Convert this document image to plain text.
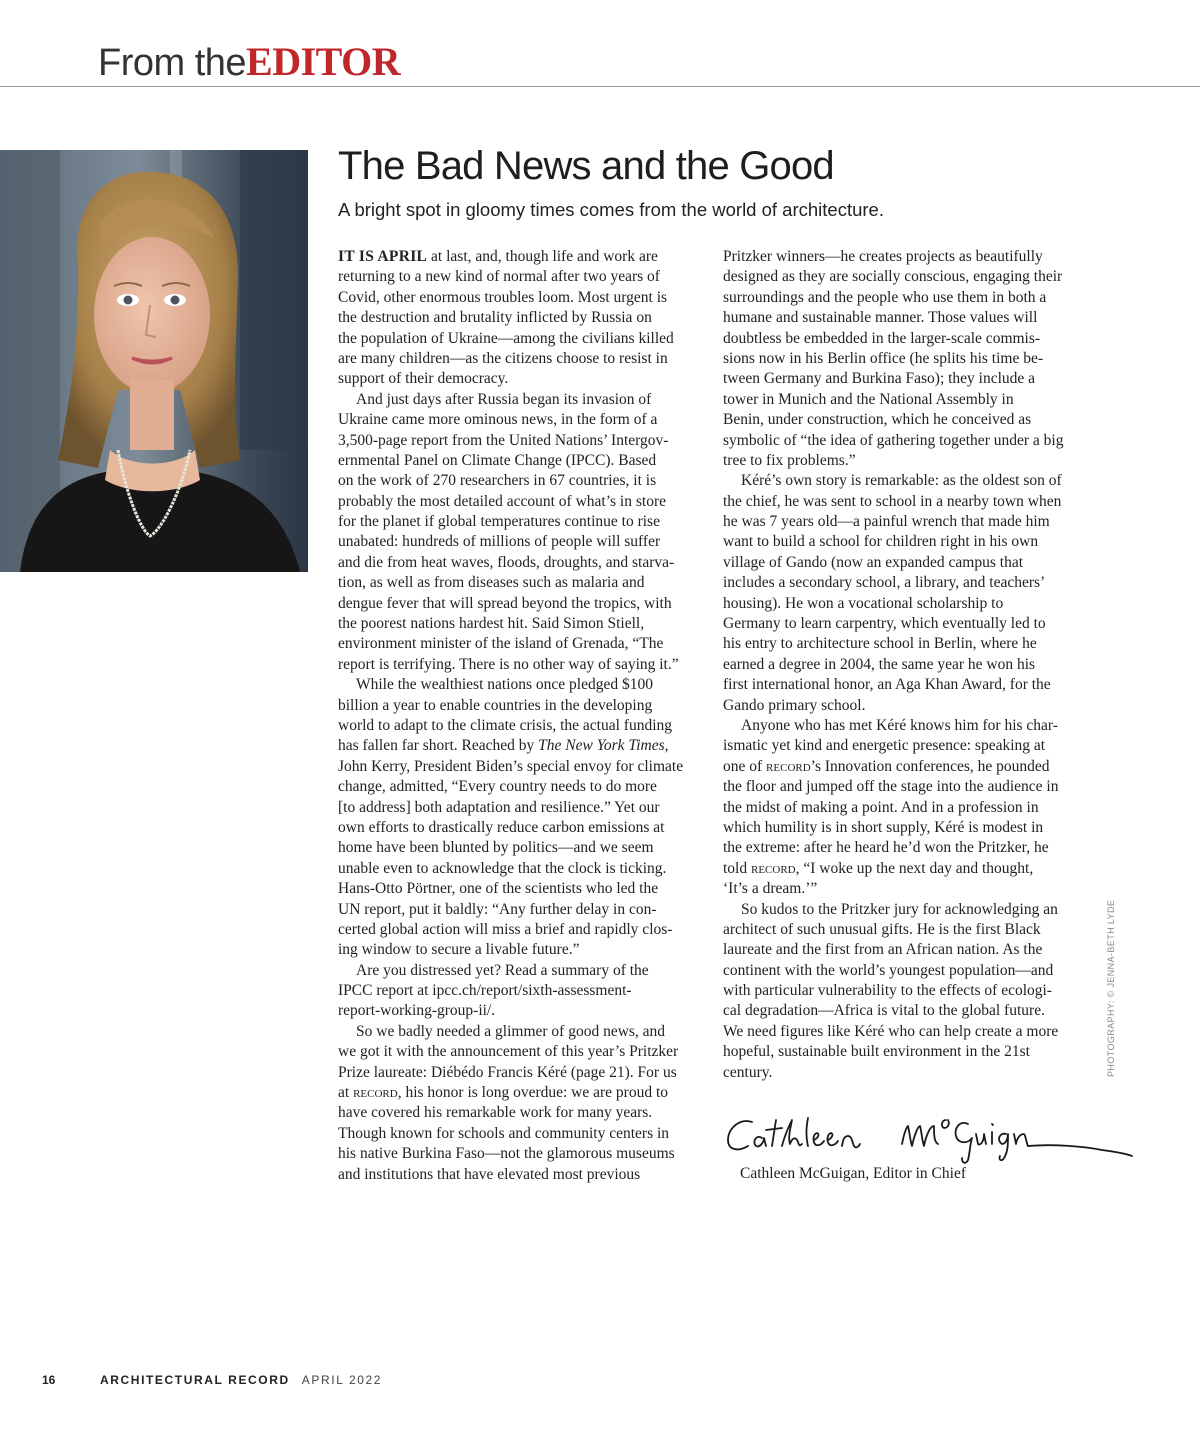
From theEDITOR
The Bad News and the Good
A bright spot in gloomy times comes from the world of architecture.
IT IS APRIL at last, and, though life and work are
returning to a new kind of normal after two years of
Covid, other enormous troubles loom. Most urgent is
the destruction and brutality inflicted by Russia on
the population of Ukraine—among the civilians killed
are many children—as the citizens choose to resist in
support of their democracy.
And just days after Russia began its invasion of
Ukraine came more ominous news, in the form of a
3,500-page report from the United Nations’ Intergov-
ernmental Panel on Climate Change (IPCC). Based
on the work of 270 researchers in 67 countries, it is
probably the most detailed account of what’s in store
for the planet if global temperatures continue to rise
unabated: hundreds of millions of people will suffer
and die from heat waves, floods, droughts, and starva-
tion, as well as from diseases such as malaria and
dengue fever that will spread beyond the tropics, with
the poorest nations hardest hit. Said Simon Stiell,
environment minister of the island of Grenada, “The
report is terrifying. There is no other way of saying it.”
While the wealthiest nations once pledged $100
billion a year to enable countries in the developing
world to adapt to the climate crisis, the actual funding
has fallen far short. Reached by The New York Times,
John Kerry, President Biden’s special envoy for climate
change, admitted, “Every country needs to do more
[to address] both adaptation and resilience.” Yet our
own efforts to drastically reduce carbon emissions at
home have been blunted by politics—and we seem
unable even to acknowledge that the clock is ticking.
Hans-Otto Pörtner, one of the scientists who led the
UN report, put it baldly: “Any further delay in con-
certed global action will miss a brief and rapidly clos-
ing window to secure a livable future.”
Are you distressed yet? Read a summary of the
IPCC report at ipcc.ch/report/sixth-assessment-
report-working-group-ii/.
So we badly needed a glimmer of good news, and
we got it with the announcement of this year’s Pritzker
Prize laureate: Diébédo Francis Kéré (page 21). For us
at record, his honor is long overdue: we are proud to
have covered his remarkable work for many years.
Though known for schools and community centers in
his native Burkina Faso—not the glamorous museums
and institutions that have elevated most previous
Pritzker winners—he creates projects as beautifully
designed as they are socially conscious, engaging their
surroundings and the people who use them in both a
humane and sustainable manner. Those values will
doubtless be embedded in the larger-scale commis-
sions now in his Berlin office (he splits his time be-
tween Germany and Burkina Faso); they include a
tower in Munich and the National Assembly in
Benin, under construction, which he conceived as
symbolic of “the idea of gathering together under a big
tree to fix problems.”
Kéré’s own story is remarkable: as the oldest son of
the chief, he was sent to school in a nearby town when
he was 7 years old—a painful wrench that made him
want to build a school for children right in his own
village of Gando (now an expanded campus that
includes a secondary school, a library, and teachers’
housing). He won a vocational scholarship to
Germany to learn carpentry, which eventually led to
his entry to architecture school in Berlin, where he
earned a degree in 2004, the same year he won his
first international honor, an Aga Khan Award, for the
Gando primary school.
Anyone who has met Kéré knows him for his char-
ismatic yet kind and energetic presence: speaking at
one of record’s Innovation conferences, he pounded
the floor and jumped off the stage into the audience in
the midst of making a point. And in a profession in
which humility is in short supply, Kéré is modest in
the extreme: after he heard he’d won the Pritzker, he
told record, “I woke up the next day and thought,
‘It’s a dream.’”
So kudos to the Pritzker jury for acknowledging an
architect of such unusual gifts. He is the first Black
laureate and the first from an African nation. As the
continent with the world’s youngest population—and
with particular vulnerability to the effects of ecologi-
cal degradation—Africa is vital to the global future.
We need figures like Kéré who can help create a more
hopeful, sustainable built environment in the 21st
century.
Cathleen McGuigan, Editor in Chief
PHOTOGRAPHY: © JENNA-BETH LYDE
16	ARCHITECTURAL RECORD APRIL 2022
